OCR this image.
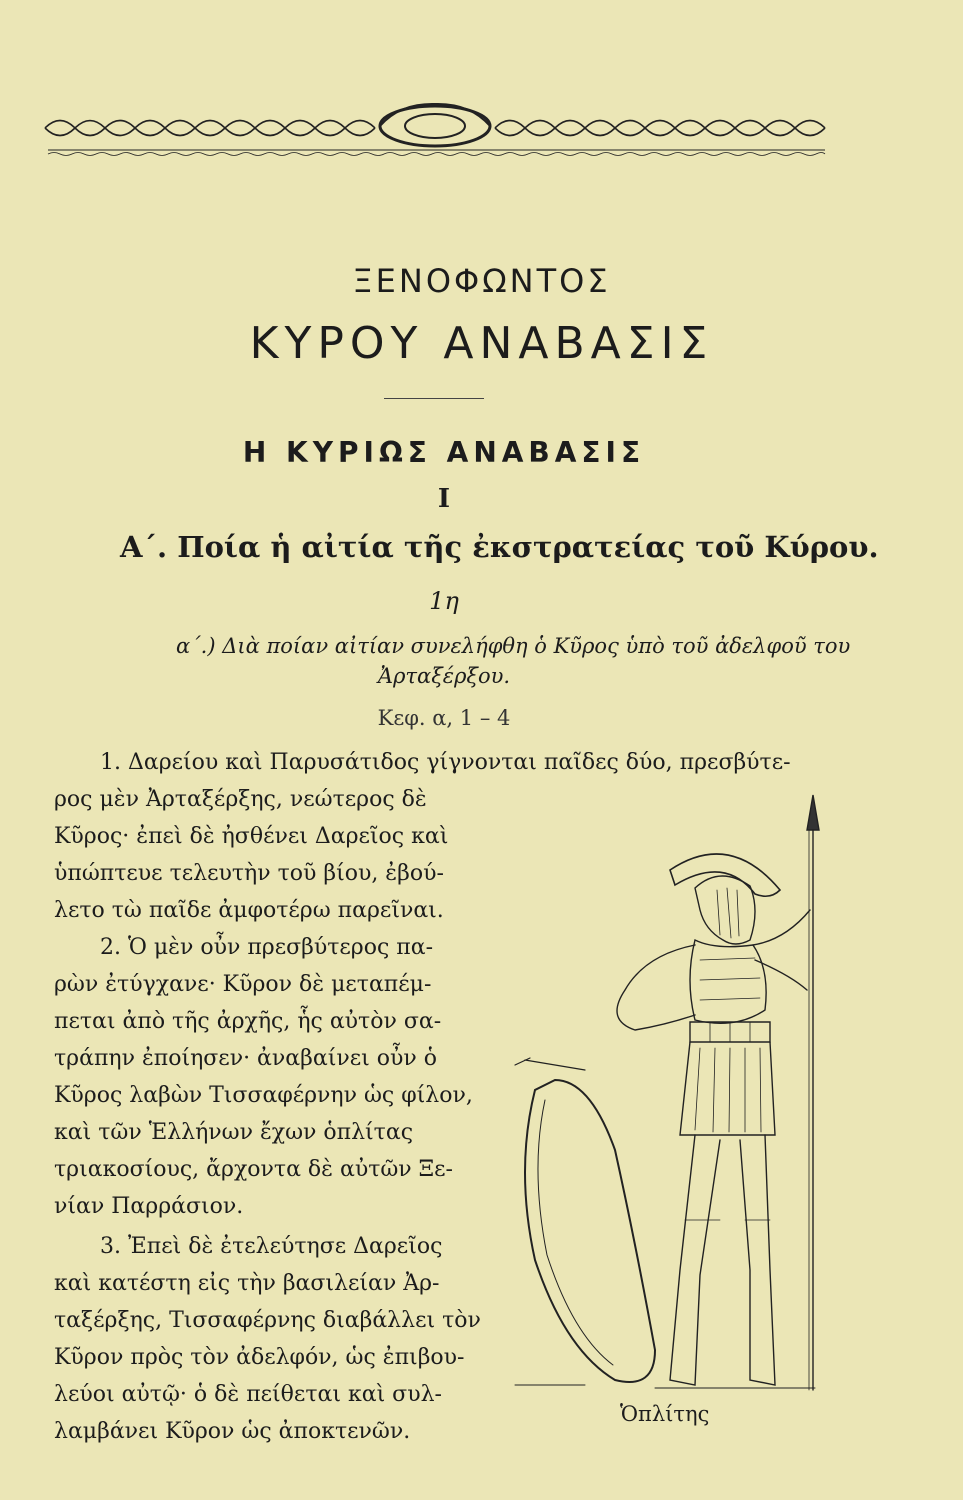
ΞΕΝΟΦΩΝΤΟΣ
ΚΥΡΟΥ ΑΝΑΒΑΣΙΣ
Η ΚΥΡΙΩΣ ΑΝΑΒΑΣΙΣ
Ι
Α΄. Ποία ἡ αἰτία τῆς ἐκστρατείας τοῦ Κύρου.
1η
α΄.) Διὰ ποίαν αἰτίαν συνελήφθη ὁ Κῦρος ὑπὸ τοῦ ἀδελφοῦ του
Ἀρταξέρξου.
Κεφ. α, 1 – 4
1. Δαρείου καὶ Παρυσάτιδος γίγνονται παῖδες δύο, πρεσβύτε-
ρος μὲν Ἀρταξέρξης, νεώτερος δὲ
Κῦρος· ἐπεὶ δὲ ἠσθένει Δαρεῖος καὶ
ὑπώπτευε τελευτὴν τοῦ βίου, ἐβού-
λετο τὼ παῖδε ἀμφοτέρω παρεῖναι.
2. Ὁ μὲν οὖν πρεσβύτερος πα-
ρὼν ἐτύγχανε· Κῦρον δὲ μεταπέμ-
πεται ἀπὸ τῆς ἀρχῆς, ἧς αὐτὸν σα-
τράπην ἐποίησεν· ἀναβαίνει οὖν ὁ
Κῦρος λαβὼν Τισσαφέρνην ὡς φίλον,
καὶ τῶν Ἑλλήνων ἔχων ὁπλίτας
τριακοσίους, ἄρχοντα δὲ αὐτῶν Ξε-
νίαν Παρράσιον.
3. Ἐπεὶ δὲ ἐτελεύτησε Δαρεῖος
καὶ κατέστη εἰς τὴν βασιλείαν Ἀρ-
ταξέρξης, Τισσαφέρνης διαβάλλει τὸν
Κῦρον πρὸς τὸν ἀδελφόν, ὡς ἐπιβου-
λεύοι αὐτῷ· ὁ δὲ πείθεται καὶ συλ-
λαμβάνει Κῦρον ὡς ἀποκτενῶν.
Ὁπλίτης
